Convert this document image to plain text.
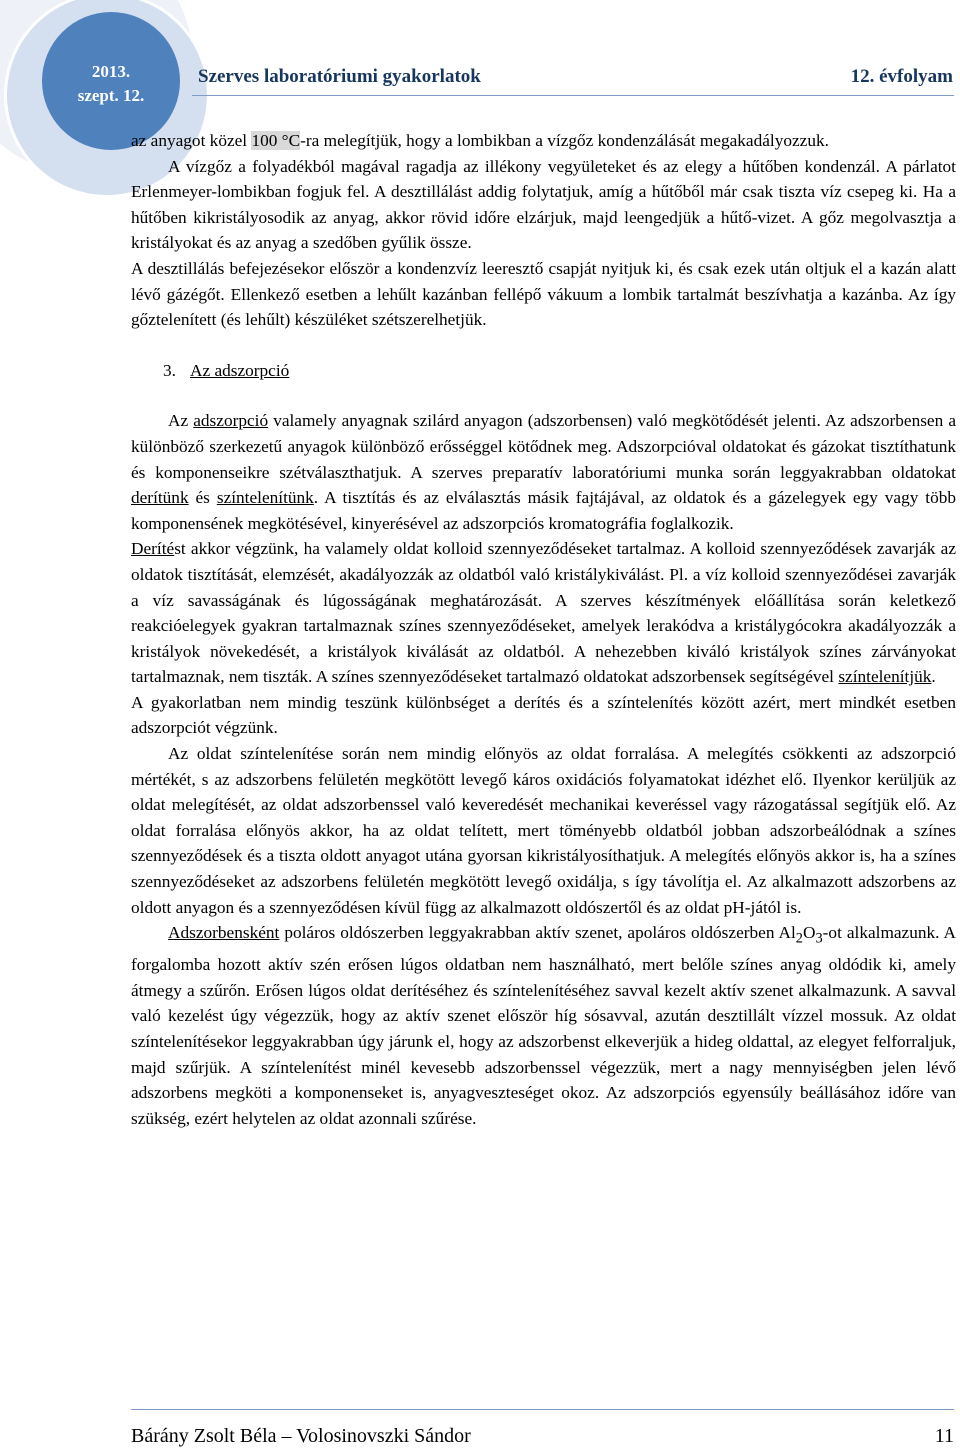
2013.
szept. 12.
Szerves laboratóriumi gyakorlatok	12. évfolyam

az anyagot közel 100 °C-ra melegítjük, hogy a lombikban a vízgőz kondenzálását megakadályozzuk.

A vízgőz a folyadékból magával ragadja az illékony vegyületeket és az elegy a hűtőben kondenzál. A párlatot Erlenmeyer-lombikban fogjuk fel. A desztillálást addig folytatjuk, amíg a hűtőből már csak tiszta víz csepeg ki. Ha a hűtőben kikristályosodik az anyag, akkor rövid időre elzárjuk, majd leengedjük a hűtő-vizet. A gőz megolvasztja a kristályokat és az anyag a szedőben gyűlik össze.

A desztillálás befejezésekor először a kondenzvíz leeresztő csapját nyitjuk ki, és csak ezek után oltjuk el a kazán alatt lévő gázégőt. Ellenkező esetben a lehűlt kazánban fellépő vákuum a lombik tartalmát beszívhatja a kazánba. Az így gőztelenített (és lehűlt) készüléket szétszerelhetjük.

3. Az adszorpció

Az adszorpció valamely anyagnak szilárd anyagon (adszorbensen) való megkötődését jelenti. Az adszorbensen a különböző szerkezetű anyagok különböző erősséggel kötődnek meg. Adszorpcióval oldatokat és gázokat tisztíthatunk és komponenseikre szétválaszthatjuk. A szerves preparatív laboratóriumi munka során leggyakrabban oldatokat derítünk és színtelenítünk. A tisztítás és az elválasztás másik fajtájával, az oldatok és a gázelegyek egy vagy több komponensének megkötésével, kinyerésével az adszorpciós kromatográfia foglalkozik.

Derítést akkor végzünk, ha valamely oldat kolloid szennyeződéseket tartalmaz. A kolloid szennyeződések zavarják az oldatok tisztítását, elemzését, akadályozzák az oldatból való kristálykiválást. Pl. a víz kolloid szennyeződései zavarják a víz savasságának és lúgosságának meghatározását. A szerves készítmények előállítása során keletkező reakcióelegyek gyakran tartalmaznak színes szennyeződéseket, amelyek lerakódva a kristálygócokra akadályozzák a kristályok növekedését, a kristályok kiválását az oldatból. A nehezebben kiváló kristályok színes zárványokat tartalmaznak, nem tiszták. A színes szennyeződéseket tartalmazó oldatokat adszorbensek segítségével színtelenítjük.

A gyakorlatban nem mindig teszünk különbséget a derítés és a színtelenítés között azért, mert mindkét esetben adszorpciót végzünk.

Az oldat színtelenítése során nem mindig előnyös az oldat forralása. A melegítés csökkenti az adszorpció mértékét, s az adszorbens felületén megkötött levegő káros oxidációs folyamatokat idézhet elő. Ilyenkor kerüljük az oldat melegítését, az oldat adszorbenssel való keveredését mechanikai keveréssel vagy rázogatással segítjük elő. Az oldat forralása előnyös akkor, ha az oldat telített, mert töményebb oldatból jobban adszorbeálódnak a színes szennyeződések és a tiszta oldott anyagot utána gyorsan kikristályosíthatjuk. A melegítés előnyös akkor is, ha a színes szennyeződéseket az adszorbens felületén megkötött levegő oxidálja, s így távolítja el. Az alkalmazott adszorbens az oldott anyagon és a szennyeződésen kívül függ az alkalmazott oldószertől és az oldat pH-jától is.

Adszorbensként poláros oldószerben leggyakrabban aktív szenet, apoláros oldószerben $Al_2O_3-ot$ alkalmazunk. A forgalomba hozott aktív szén erősen lúgos oldatban nem használható, mert belőle színes anyag oldódik ki, amely átmegy a szűrőn. Erősen lúgos oldat derítéséhez és színtelenítéséhez savval kezelt aktív szenet alkalmazunk. A savval való kezelést úgy végezzük, hogy az aktív szenet először híg sósavval, azután desztillált vízzel mossuk. Az oldat színtelenítésekor leggyakrabban úgy járunk el, hogy az adszorbenst elkeverjük a hideg oldattal, az elegyet felforraljuk, majd szűrjük. A színtelenítést minél kevesebb adszorbenssel végezzük, mert a nagy mennyiségben jelen lévő adszorbens megköti a komponenseket is, anyagveszteséget okoz. Az adszorpciós egyensúly beállásához időre van szükség, ezért helytelen az oldat azonnali szűrése.

Bárány Zsolt Béla – Volosinovszki Sándor	11
